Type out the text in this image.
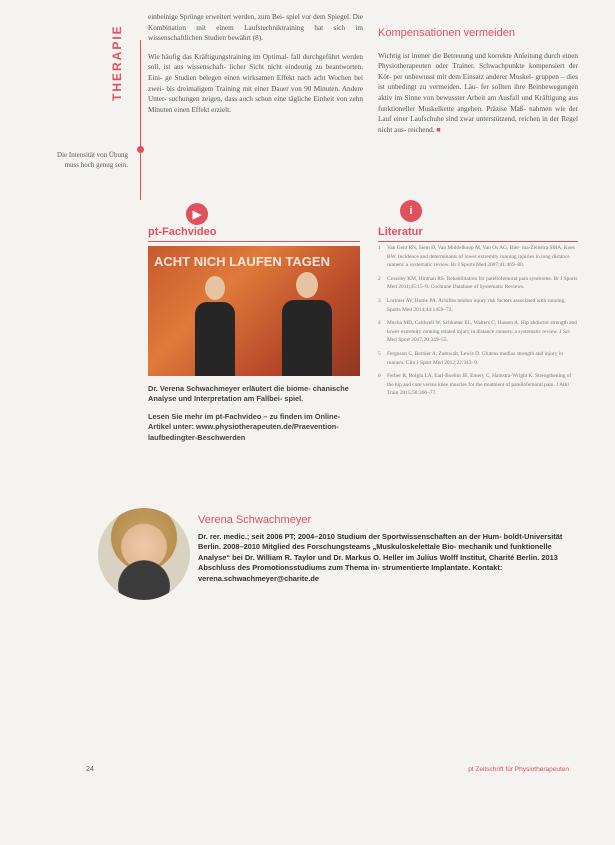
THERAPIE
Die Intensität von Übung muss hoch genug sein.

einbeinige Sprünge erweitert werden, zum Bei- spiel vor dem Spiegel. Die Kombination mit einem Laufstechniktraining hat sich im wissenschaftlichen Studien bewährt (8).

Wie häufig das Kräftigungstraining im Optimal- fall durchgeführt werden soll, ist aus wissenschaft- licher Sicht nicht eindeutig zu beantworten. Eini- ge Studien belegen einen wirksamen Effekt nach acht Wochen bei zwei- bis dreimaligem Training mit einer Dauer von 90 Minuten. Andere Unter- suchungen zeigen, dass auch schon eine tägliche Einheit von zehn Minuten einen Effekt erzielt.

Kompensationen vermeiden

Wichtig ist immer die Betreuung und korrekte Anleitung durch einen Physiotherapeuten oder Trainer. Schwachpunkte kompensiert der Kör- per unbewusst mit dem Einsatz anderer Muskel- gruppen – dies ist unbedingt zu vermeiden. Läu- fer sollten ihre Beinbewegungen aktiv im Sinne von bewusster Arbeit am Ausfall und Kräftigung aus funktioneller Muskelkette angehen. Präzise Maß- nahmen wie der Lauf einer Laufschuhe sind zwar unterstützend, reichen in der Regel nicht aus- reichend. ■

▶	i
pt-Fachvideo	Literatur
ACHT NICH LAUFEN TAGEN

Dr. Verena Schwachmeyer erläutert die biome- chanische Analyse und Interpretation am Fallbei- spiel.

Lesen Sie mehr im pt-Fachvideo – zu finden im Online-Artikel unter: www.physiotherapeuten.de/Praevention- laufbedingter-Beschwerden

1 Van Gent RN, Siem D, Van Middelkoop M, Van Os AG, Bier- ma-Zeinstra SMA, Koes BW. Incidence and determinants of lower extremity running injuries in long distance runners: a systematic review. Br J Sports Med 2007;41:469–80.
2 Crossley KM, Hinman RS. Rehabilitation for patellofemoral pain syndrome. Br J Sports Med 2011;45:15–9. Cochrane Database of Systematic Reviews.
3 Lorimer AV, Hume PA. Achilles tendon injury risk factors associated with running. Sports Med 2014;44:1459–72.
4 Mucha MD, Caldwell W, Schlueter EL, Walters C, Hassen A. Hip abductor strength and lower extremity running related injury in distance runners: a systematic review. J Sci Med Sport 2017;20:349–55.
5 Ferguson C, Bernier A, Zumwalt, Lewis D. Gluteus medius strength and injury in runners. Clin J Sport Med 2012;22:343–9.
6 Ferber R, Bolgla LA, Earl-Boehm JE, Emery C, Hamstra-Wright K. Strengthening of the hip and core versus knee muscles for the treatment of patellofemoral pain. J Athl Train 2015;50:366–77.
Verena Schwachmeyer
Dr. rer. medic.; seit 2006 PT; 2004–2010 Studium der Sportwissenschaften an der Hum- boldt-Universität Berlin. 2008–2010 Mitglied des Forschungsteams „Muskuloskelettale Bio- mechanik und funktionelle Analyse“ bei Dr. William R. Taylor und Dr. Markus O. Heller im Julius Wolff Institut, Charité Berlin. 2013 Abschluss des Promotionsstudiums zum Thema in- strumentierte Implantate. Kontakt: verena.schwachmeyer@charite.de
24	pt Zeitschrift für Physiotherapeuten
